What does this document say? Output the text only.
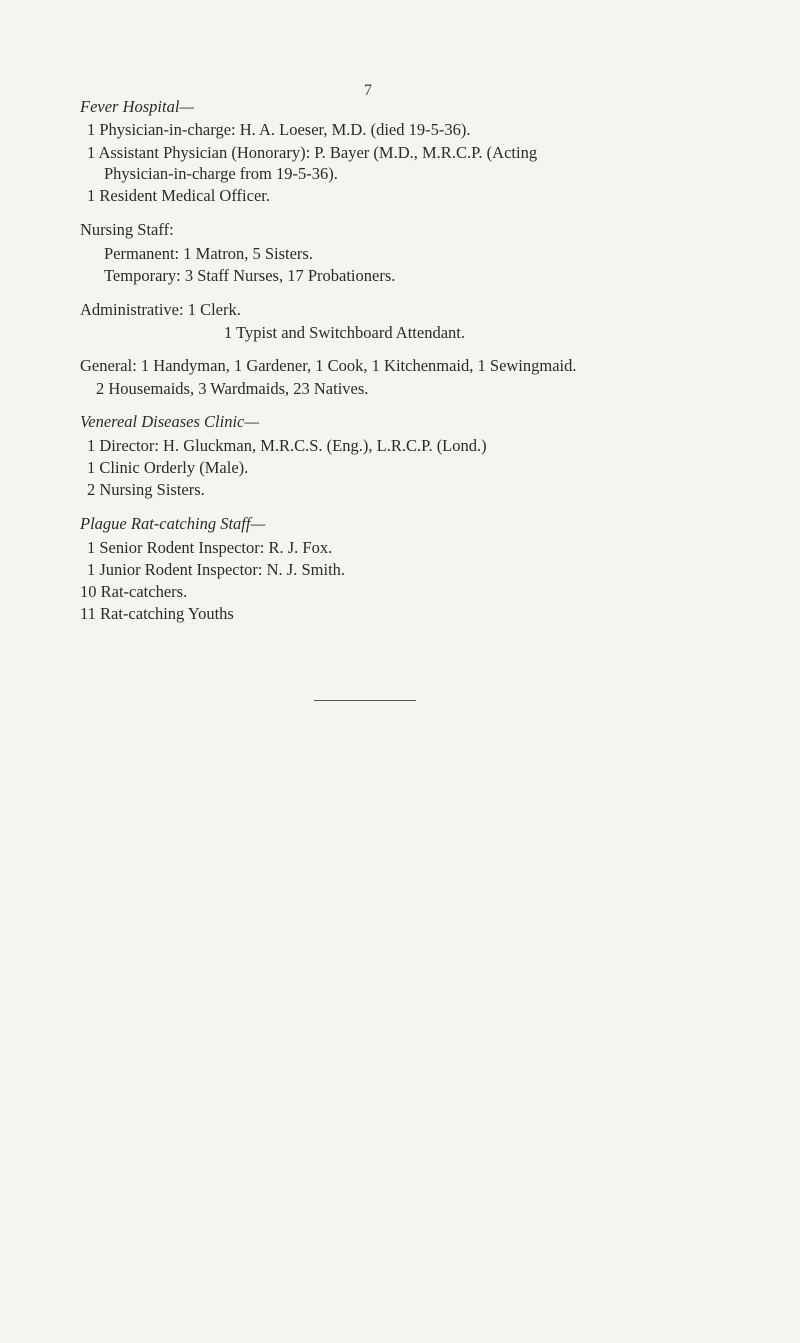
7
Fever Hospital—
1 Physician-in-charge: H. A. Loeser, M.D. (died 19-5-36).
1 Assistant Physician (Honorary): P. Bayer (M.D., M.R.C.P. (Acting
Physician-in-charge from 19-5-36).
1 Resident Medical Officer.
Nursing Staff:
Permanent: 1 Matron, 5 Sisters.
Temporary: 3 Staff Nurses, 17 Probationers.
Administrative: 1 Clerk.
1 Typist and Switchboard Attendant.
General: 1 Handyman, 1 Gardener, 1 Cook, 1 Kitchenmaid, 1 Sewingmaid.
2 Housemaids, 3 Wardmaids, 23 Natives.
Venereal Diseases Clinic—
1 Director: H. Gluckman, M.R.C.S. (Eng.), L.R.C.P. (Lond.)
1 Clinic Orderly (Male).
2 Nursing Sisters.
Plague Rat-catching Staff—
1 Senior Rodent Inspector: R. J. Fox.
1 Junior Rodent Inspector: N. J. Smith.
10 Rat-catchers.
11 Rat-catching Youths
